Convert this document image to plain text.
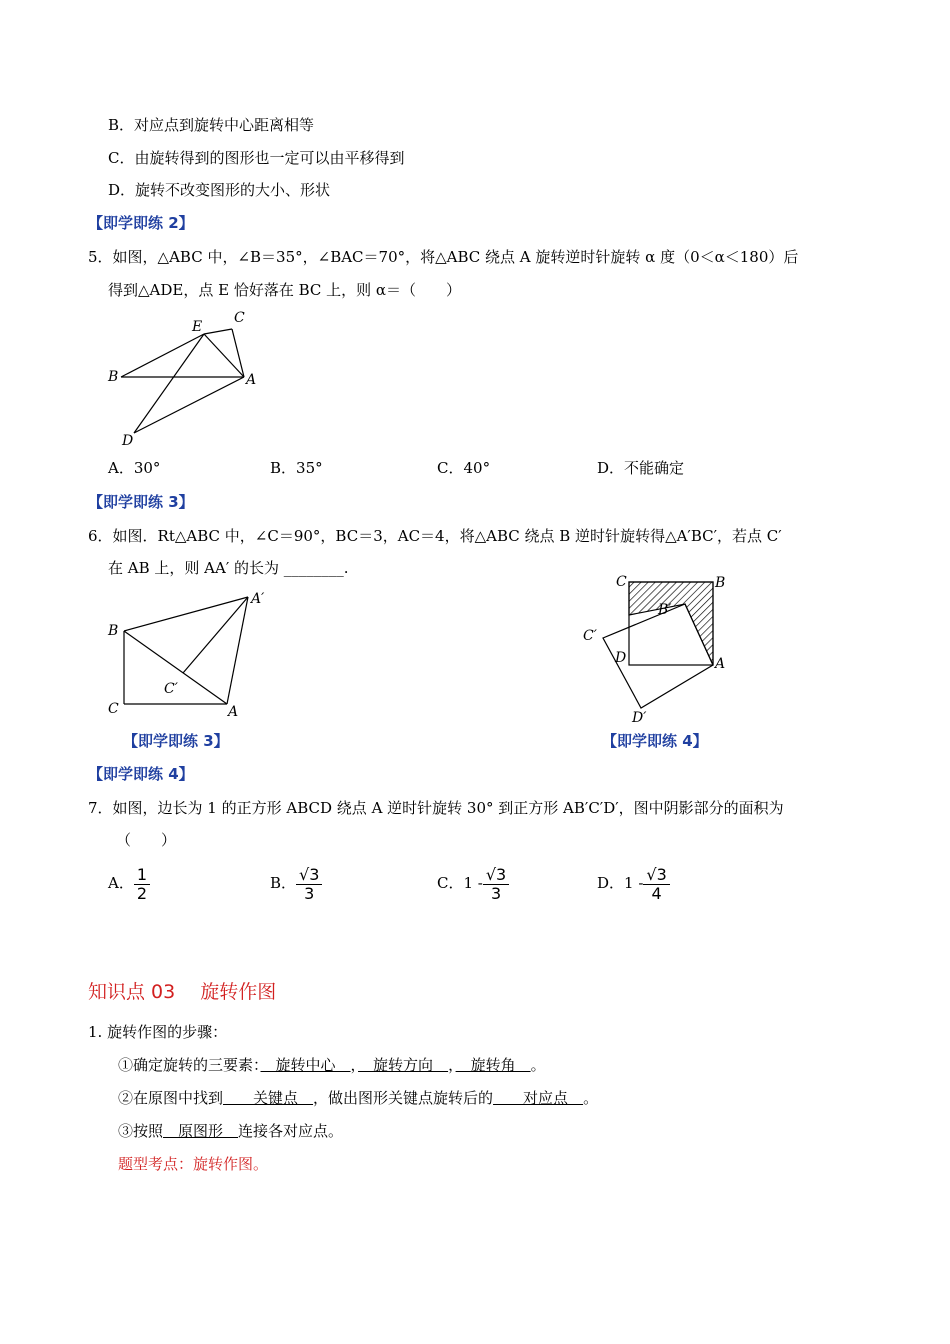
B．对应点到旋转中心距离相等
C．由旋转得到的图形也一定可以由平移得到
D．旋转不改变图形的大小、形状
【即学即练 2】
5．如图，△ABC 中，∠B＝35°，∠BAC＝70°，将△ABC 绕点 A 旋转逆时针旋转 α 度（0＜α＜180）后
得到△ADE，点 E 恰好落在 BC 上，则 α＝（　　）
E
C
B	A
D
A．30°	B．35°	C．40°	D．不能确定
【即学即练 3】
6．如图．Rt△ABC 中，∠C＝90°，BC＝3，AC＝4，将△ABC 绕点 B 逆时针旋转得△A′BC′，若点 C′
在 AB 上，则 AA′ 的长为 ________.
B
A′
C′
C	A
【即学即练 3】
C	B
B′
C′
D	A
D′
【即学即练 4】
【即学即练 4】
7．如图，边长为 1 的正方形 ABCD 绕点 A 逆时针旋转 30° 到正方形 AB′C′D′，图中阴影部分的面积为
（　　）
A． $\frac{1}{2}$	B． $\frac{√3}{3}$	C．$1 - \frac{√3}{3}$	D．$1 - \frac{√3}{4}$
知识点 03　 旋转作图
1. 旋转作图的步骤：
①确定旋转的三要素：　旋转中心　，　旋转方向　，　旋转角　。
②在原图中找到　　关键点　，做出图形关键点旋转后的　　对应点　。
③按照　原图形　连接各对应点。
题型考点：旋转作图。
